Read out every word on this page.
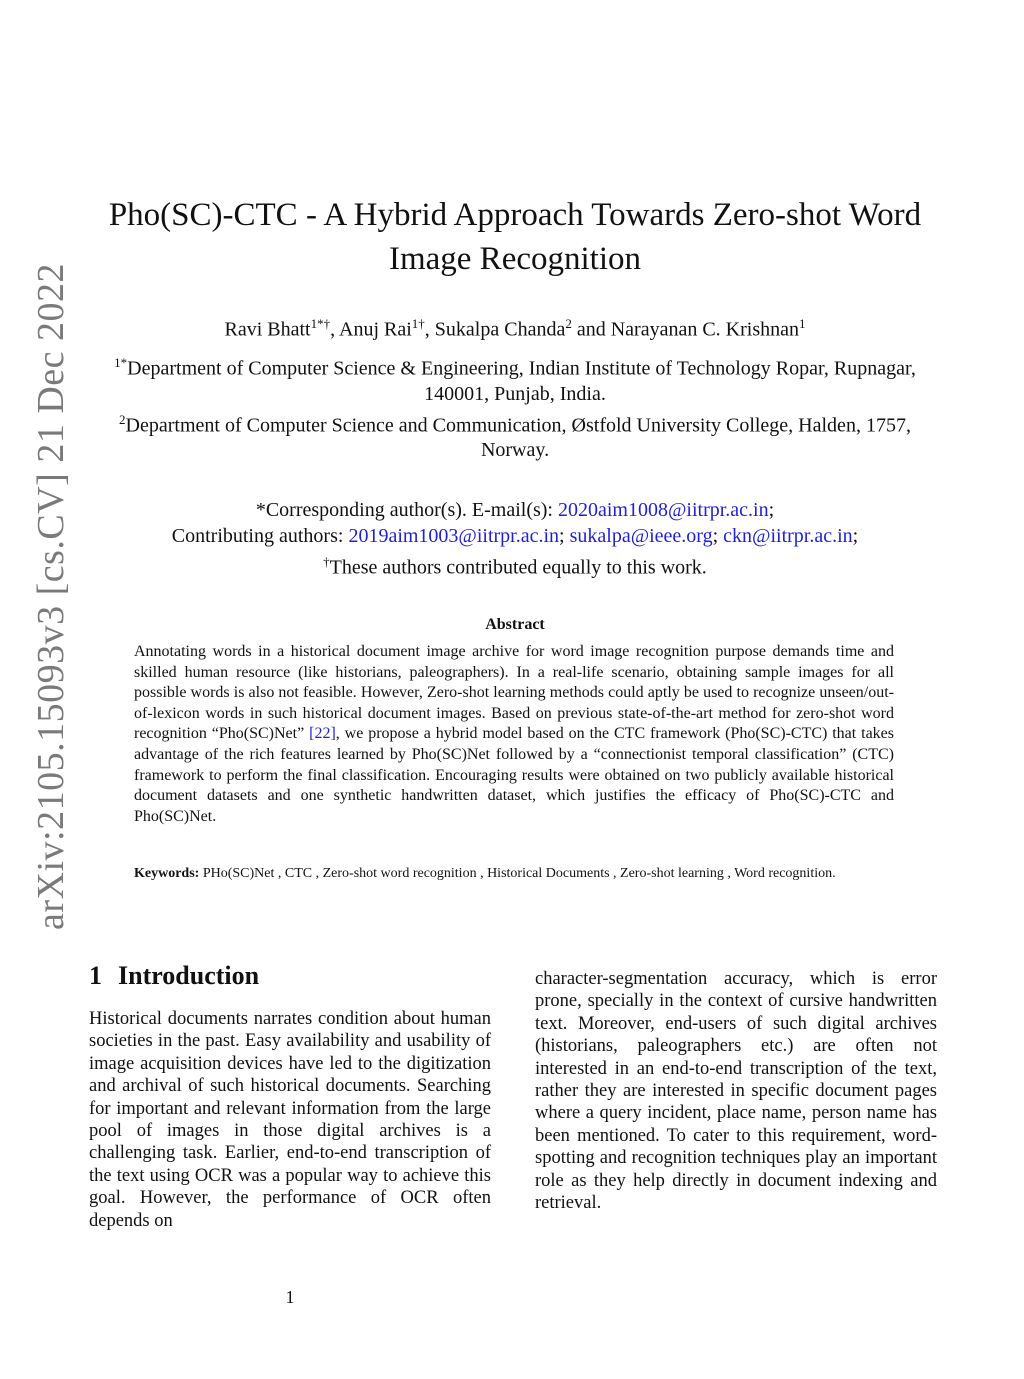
arXiv:2105.15093v3 [cs.CV] 21 Dec 2022
Pho(SC)-CTC - A Hybrid Approach Towards Zero-shot Word Image Recognition
Ravi Bhatt$^{1*\dagger}$, Anuj Rai$^{1\dagger}$, Sukalpa Chanda$^2$ and Narayanan C. Krishnan$^1$

$^{1*}$Department of Computer Science & Engineering, Indian Institute of Technology Ropar, Rupnagar, 140001, Punjab, India.

$^2$Department of Computer Science and Communication, Østfold University College, Halden, 1757, Norway.

*Corresponding author(s). E-mail(s): 2020aim1008@iitrpr.ac.in;

Contributing authors: 2019aim1003@iitrpr.ac.in; sukalpa@ieee.org; ckn@iitrpr.ac.in;

†These authors contributed equally to this work.

Abstract

Annotating words in a historical document image archive for word image recognition purpose demands time and skilled human resource (like historians, paleographers). In a real-life scenario, obtaining sample images for all possible words is also not feasible. However, Zero-shot learning methods could aptly be used to recognize unseen/out-of-lexicon words in such historical document images. Based on previous state-of-the-art method for zero-shot word recognition “Pho(SC)Net” [22], we propose a hybrid model based on the CTC framework (Pho(SC)-CTC) that takes advantage of the rich features learned by Pho(SC)Net followed by a “connectionist temporal classification” (CTC) framework to perform the final classification. Encouraging results were obtained on two publicly available historical document datasets and one synthetic handwritten dataset, which justifies the efficacy of Pho(SC)-CTC and Pho(SC)Net.

Keywords: PHo(SC)Net , CTC , Zero-shot word recognition , Historical Documents , Zero-shot learning , Word recognition.
1 Introduction

Historical documents narrates condition about human societies in the past. Easy availability and usability of image acquisition devices have led to the digitization and archival of such historical documents. Searching for important and relevant information from the large pool of images in those digital archives is a challenging task. Earlier, end-to-end transcription of the text using OCR was a popular way to achieve this goal. However, the performance of OCR often depends on

character-segmentation accuracy, which is error prone, specially in the context of cursive handwritten text. Moreover, end-users of such digital archives (historians, paleographers etc.) are often not interested in an end-to-end transcription of the text, rather they are interested in specific document pages where a query incident, place name, person name has been mentioned. To cater to this requirement, word-spotting and recognition techniques play an important role as they help directly in document indexing and retrieval.

1
